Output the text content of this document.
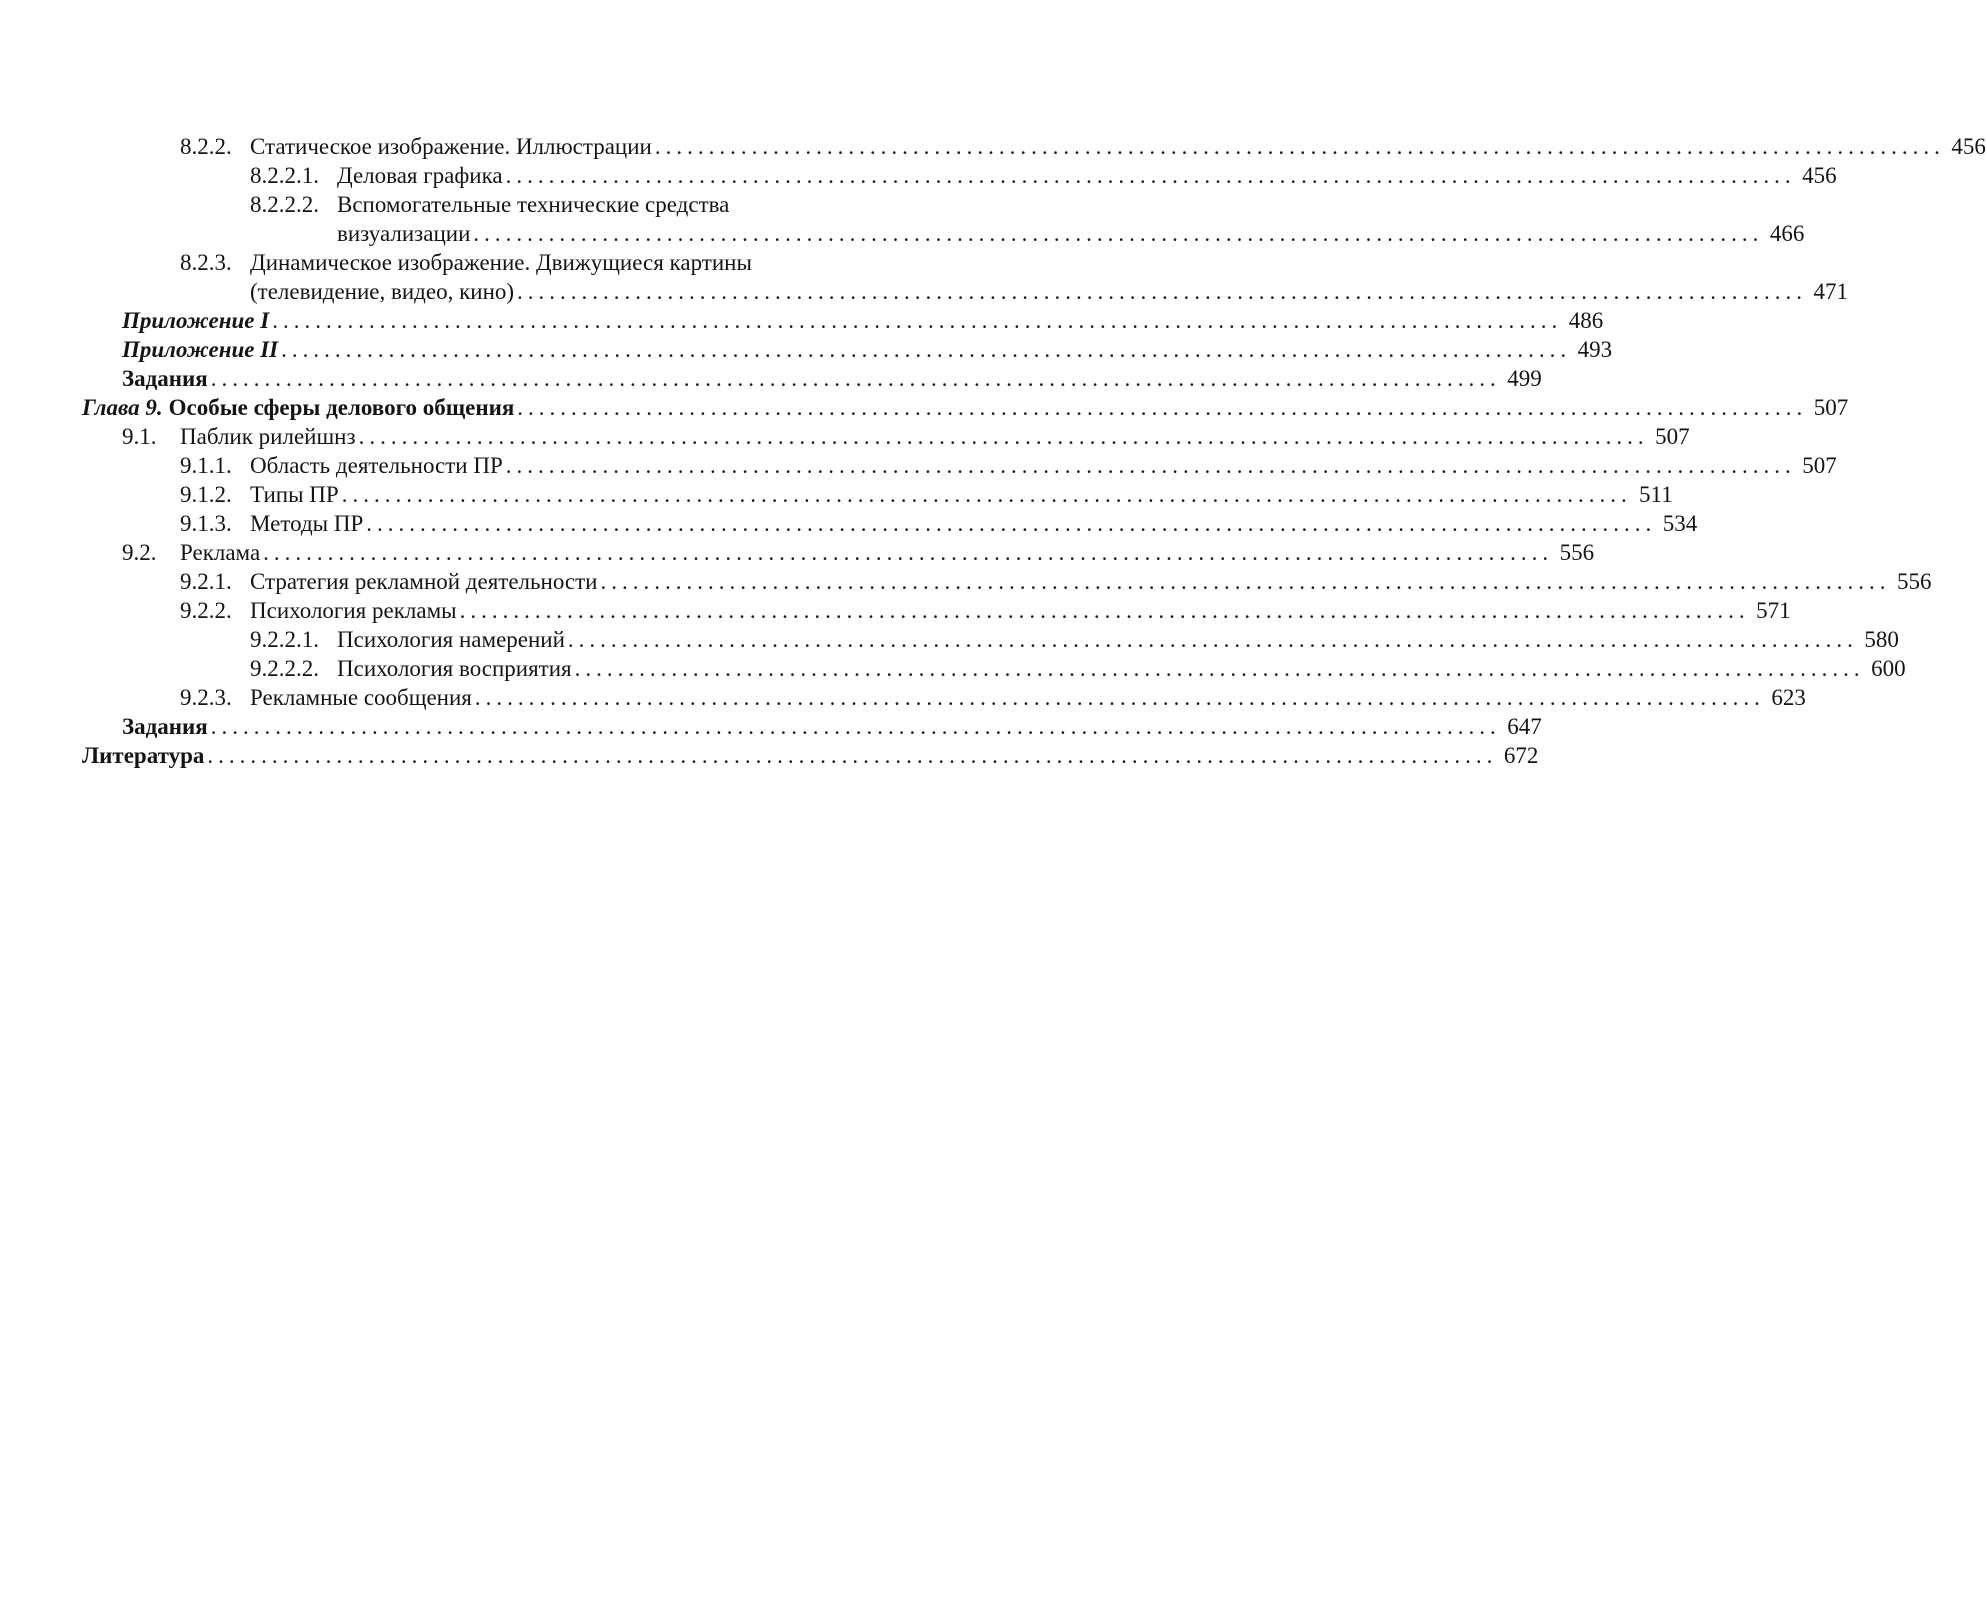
8.2.2. Статическое изображение. Иллюстрации ........................................................................................................................ 456
8.2.2.1. Деловая графика ........................................................................................................................ 456
8.2.2.2. Вспомогательные технические средства
визуализации ........................................................................................................................ 466
8.2.3. Динамическое изображение. Движущиеся картины
(телевидение, видео, кино) ........................................................................................................................ 471
Приложение I ........................................................................................................................ 486
Приложение II ........................................................................................................................ 493
Задания ........................................................................................................................ 499
Глава 9. Особые сферы делового общения ........................................................................................................................ 507
9.1. Паблик рилейшнз ........................................................................................................................ 507
9.1.1. Область деятельности ПР ........................................................................................................................ 507
9.1.2. Типы ПР ........................................................................................................................ 511
9.1.3. Методы ПР ........................................................................................................................ 534
9.2. Реклама ........................................................................................................................ 556
9.2.1. Стратегия рекламной деятельности ........................................................................................................................ 556
9.2.2. Психология рекламы ........................................................................................................................ 571
9.2.2.1. Психология намерений ........................................................................................................................ 580
9.2.2.2. Психология восприятия ........................................................................................................................ 600
9.2.3. Рекламные сообщения ........................................................................................................................ 623
Задания ........................................................................................................................ 647
Литература ........................................................................................................................ 672
